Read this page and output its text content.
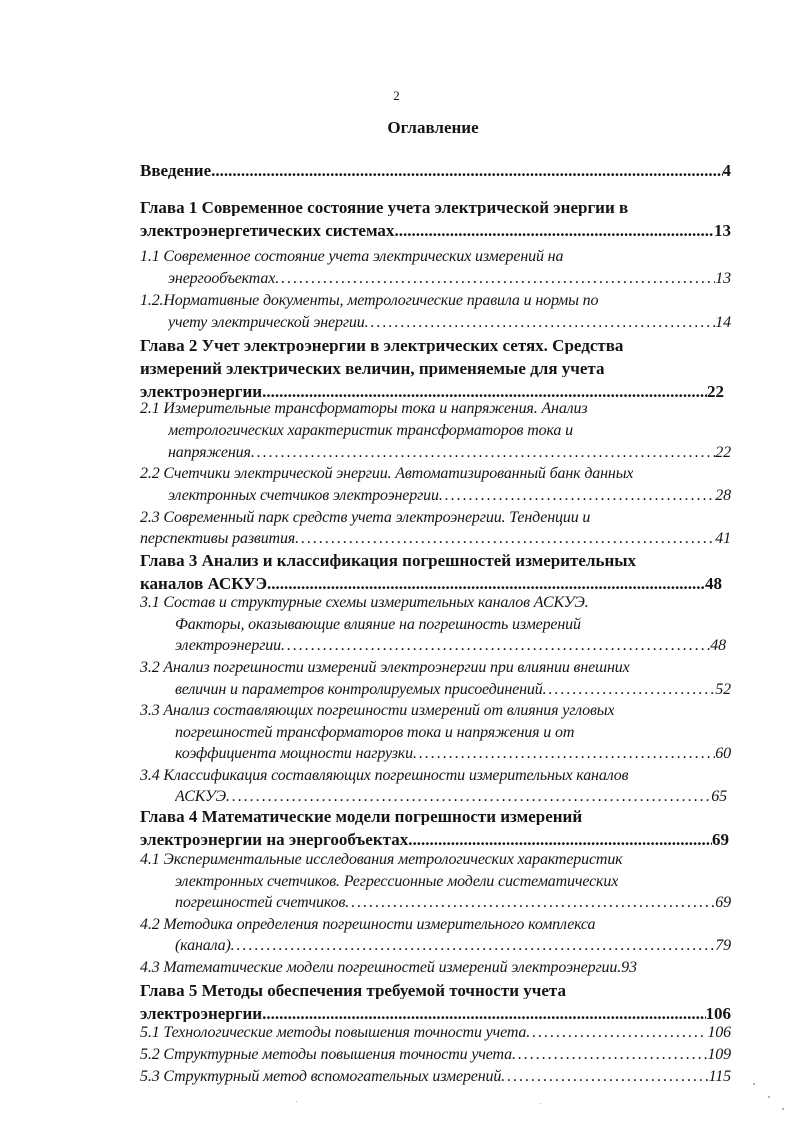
2
Оглавление
Введение .....	4
Глава 1 Современное состояние учета электрической энергии в
электроэнергетических системах .....	13
1.1 Современное состояние учета электрических измерений на
энергообъектах .....	13
1.2.Нормативные документы, метрологические правила и нормы по
учету электрической энергии .....	14
Глава 2 Учет электроэнергии в электрических сетях. Средства
измерений электрических величин, применяемые для учета
электроэнергии .....	22
2.1 Измерительные трансформаторы тока и напряжения. Анализ
метрологических характеристик трансформаторов тока и
напряжения .....	22
2.2 Счетчики электрической энергии. Автоматизированный банк данных
электронных счетчиков электроэнергии .....	28
2.3 Современный парк средств учета электроэнергии. Тенденции и
перспективы развития .....	41
Глава 3 Анализ и классификация погрешностей измерительных
каналов АСКУЭ .....	48
3.1 Состав и структурные схемы измерительных каналов АСКУЭ.
Факторы, оказывающие влияние на погрешность измерений
электроэнергии .....	48
3.2 Анализ погрешности измерений электроэнергии при влиянии внешних
величин и параметров контролируемых присоединений .....	52
3.3 Анализ составляющих погрешности измерений от влияния угловых
погрешностей трансформаторов тока и напряжения и от
коэффициента мощности нагрузки .....	60
3.4 Классификация составляющих погрешности измерительных каналов
АСКУЭ .....	65
Глава 4 Математические модели погрешности измерений
электроэнергии на энергообъектах .....	69
4.1 Экспериментальные исследования метрологических характеристик
электронных счетчиков. Регрессионные модели систематических
погрешностей счетчиков .....	69
4.2 Методика определения погрешности измерительного комплекса
(канала) .....	79
4.3 Математические модели погрешностей измерений электроэнергии. 93
Глава 5 Методы обеспечения требуемой точности учета
электроэнергии .....	106
5.1 Технологические методы повышения точности учета .....	106
5.2 Структурные методы повышения точности учета .....	109
5.3 Структурный метод вспомогательных измерений .....	115
